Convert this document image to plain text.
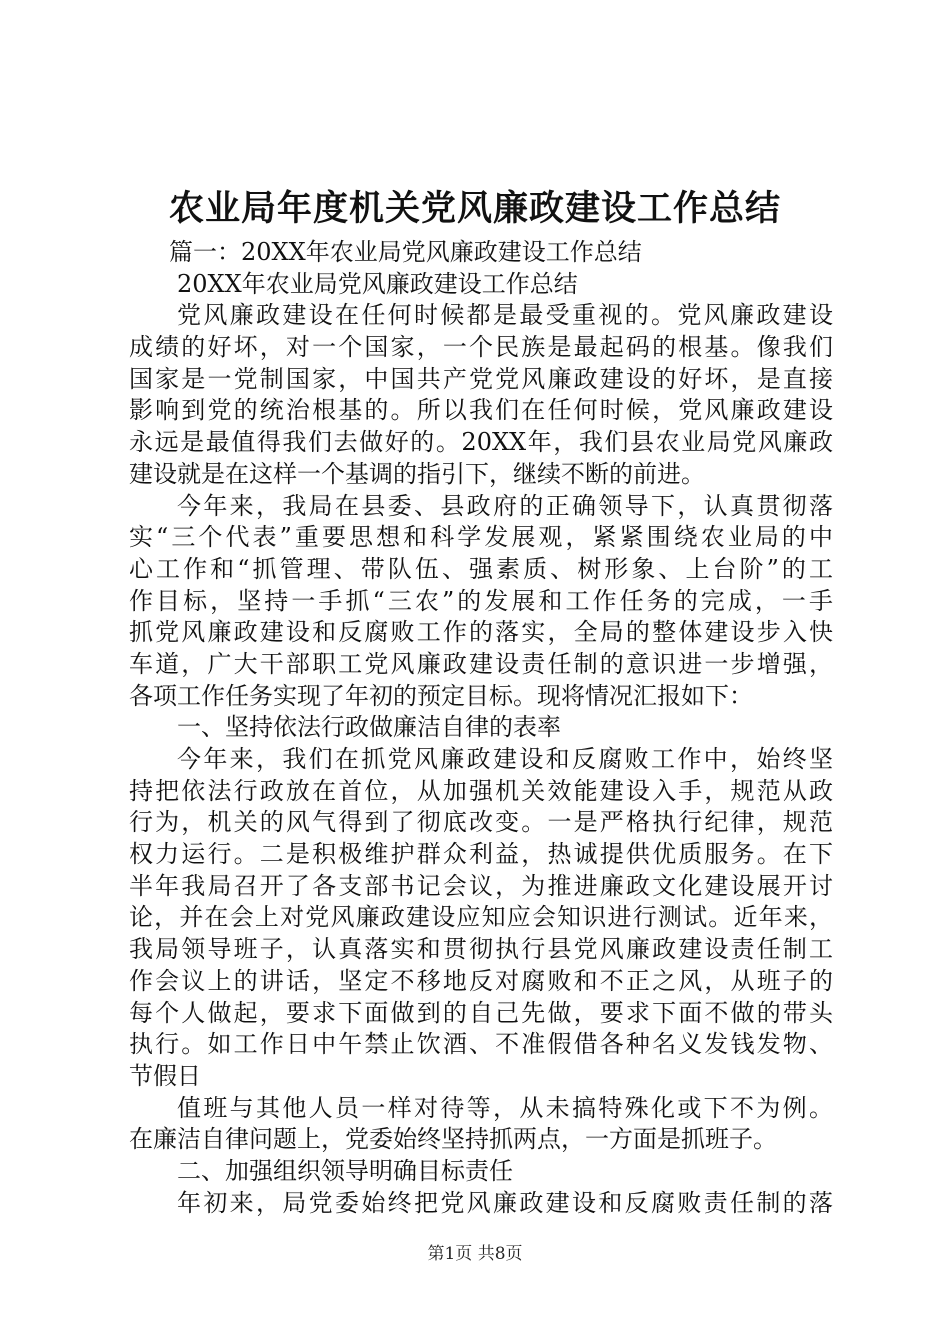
农业局年度机关党风廉政建设工作总结
篇一：20XX年农业局党风廉政建设工作总结
20XX年农业局党风廉政建设工作总结
党风廉政建设在任何时候都是最受重视的。党风廉政建设
成绩的好坏，对一个国家，一个民族是最起码的根基。像我们
国家是一党制国家，中国共产党党风廉政建设的好坏，是直接
影响到党的统治根基的。所以我们在任何时候，党风廉政建设
永远是最值得我们去做好的。20XX年，我们县农业局党风廉政
建设就是在这样一个基调的指引下，继续不断的前进。
今年来，我局在县委、县政府的正确领导下，认真贯彻落
实“三个代表”重要思想和科学发展观，紧紧围绕农业局的中
心工作和“抓管理、带队伍、强素质、树形象、上台阶”的工
作目标，坚持一手抓“三农”的发展和工作任务的完成，一手
抓党风廉政建设和反腐败工作的落实，全局的整体建设步入快
车道，广大干部职工党风廉政建设责任制的意识进一步增强，
各项工作任务实现了年初的预定目标。现将情况汇报如下：
一、坚持依法行政做廉洁自律的表率
今年来，我们在抓党风廉政建设和反腐败工作中，始终坚
持把依法行政放在首位，从加强机关效能建设入手，规范从政
行为，机关的风气得到了彻底改变。一是严格执行纪律，规范
权力运行。二是积极维护群众利益，热诚提供优质服务。在下
半年我局召开了各支部书记会议，为推进廉政文化建设展开讨
论，并在会上对党风廉政建设应知应会知识进行测试。近年来，
我局领导班子，认真落实和贯彻执行县党风廉政建设责任制工
作会议上的讲话，坚定不移地反对腐败和不正之风，从班子的
每个人做起，要求下面做到的自己先做，要求下面不做的带头
执行。如工作日中午禁止饮酒、不准假借各种名义发钱发物、
节假日
值班与其他人员一样对待等，从未搞特殊化或下不为例。
在廉洁自律问题上，党委始终坚持抓两点，一方面是抓班子。
二、加强组织领导明确目标责任
年初来，局党委始终把党风廉政建设和反腐败责任制的落
第1页 共8页
